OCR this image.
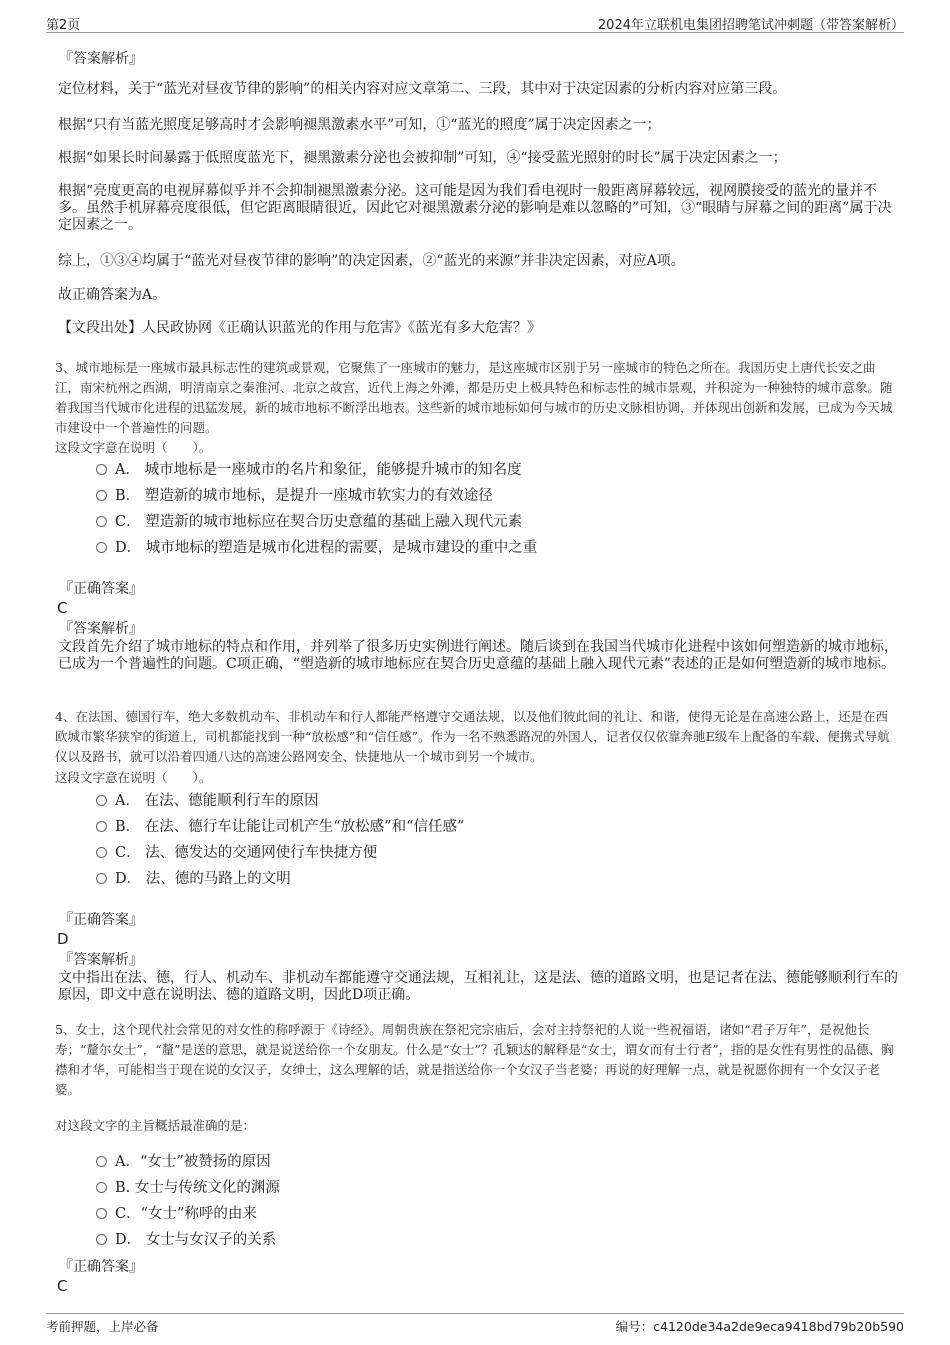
第2页	2024年立联机电集团招聘笔试冲刺题（带答案解析）

『答案解析』

定位材料，关于“蓝光对昼夜节律的影响”的相关内容对应文章第二、三段，其中对于决定因素的分析内容对应第三段。

根据“只有当蓝光照度足够高时才会影响褪黑激素水平”可知，①“蓝光的照度”属于决定因素之一；

根据“如果长时间暴露于低照度蓝光下，褪黑激素分泌也会被抑制”可知，④“接受蓝光照射的时长”属于决定因素之一；

根据“亮度更高的电视屏幕似乎并不会抑制褪黑激素分泌。这可能是因为我们看电视时一般距离屏幕较远，视网膜接受的蓝光的量并不多。虽然手机屏幕亮度很低，但它距离眼睛很近，因此它对褪黑激素分泌的影响是难以忽略的”可知，③“眼睛与屏幕之间的距离”属于决定因素之一。

综上，①③④均属于“蓝光对昼夜节律的影响”的决定因素，②“蓝光的来源”并非决定因素，对应A项。

故正确答案为A。

【文段出处】人民政协网《正确认识蓝光的作用与危害》《蓝光有多大危害？》

3、城市地标是一座城市最具标志性的建筑或景观，它聚焦了一座城市的魅力，是这座城市区别于另一座城市的特色之所在。我国历史上唐代长安之曲江，南宋杭州之西湖，明清南京之秦淮河、北京之故宫，近代上海之外滩，都是历史上极具特色和标志性的城市景观，并积淀为一种独特的城市意象。随着我国当代城市化进程的迅猛发展，新的城市地标不断浮出地表。这些新的城市地标如何与城市的历史文脉相协调，并体现出创新和发展，已成为今天城市建设中一个普遍性的问题。

这段文字意在说明（　　）。

A． 城市地标是一座城市的名片和象征，能够提升城市的知名度
B． 塑造新的城市地标，是提升一座城市软实力的有效途径
C． 塑造新的城市地标应在契合历史意蕴的基础上融入现代元素
D． 城市地标的塑造是城市化进程的需要，是城市建设的重中之重

『正确答案』

C

『答案解析』

文段首先介绍了城市地标的特点和作用，并列举了很多历史实例进行阐述。随后谈到在我国当代城市化进程中该如何塑造新的城市地标，已成为一个普遍性的问题。C项正确，“塑造新的城市地标应在契合历史意蕴的基础上融入现代元素”表述的正是如何塑造新的城市地标。

4、在法国、德国行车，绝大多数机动车、非机动车和行人都能严格遵守交通法规，以及他们彼此间的礼让、和谐，使得无论是在高速公路上，还是在西欧城市繁华狭窄的街道上，司机都能找到一种“放松感”和“信任感”。作为一名不熟悉路况的外国人，记者仅仅依靠奔驰E级车上配备的车载、便携式导航仪以及路书，就可以沿着四通八达的高速公路网安全、快捷地从一个城市到另一个城市。

这段文字意在说明（　　）。

A． 在法、德能顺利行车的原因
B． 在法、德行车让能让司机产生“放松感”和“信任感”
C． 法、德发达的交通网使行车快捷方便
D． 法、德的马路上的文明

『正确答案』

D

『答案解析』

文中指出在法、德，行人、机动车、非机动车都能遵守交通法规，互相礼让，这是法、德的道路文明，也是记者在法、德能够顺利行车的原因，即文中意在说明法、德的道路文明，因此D项正确。

5、女士，这个现代社会常见的对女性的称呼源于《诗经》。周朝贵族在祭祀完宗庙后，会对主持祭祀的人说一些祝福语，诸如“君子万年”，是祝他长寿；“釐尔女士”，“釐”是送的意思，就是说送给你一个女朋友。什么是“女士”？孔颖达的解释是“女士，谓女而有士行者”，指的是女性有男性的品德、胸襟和才华，可能相当于现在说的女汉子，女绅士，这么理解的话，就是指送给你一个女汉子当老婆；再说的好理解一点，就是祝愿你拥有一个女汉子老婆。

对这段文字的主旨概括最准确的是：

A．“女士”被赞扬的原因
B. 女士与传统文化的渊源
C．“女士”称呼的由来
D． 女士与女汉子的关系

『正确答案』

C

考前押题，上岸必备	编号：c4120de34a2de9eca9418bd79b20b590
